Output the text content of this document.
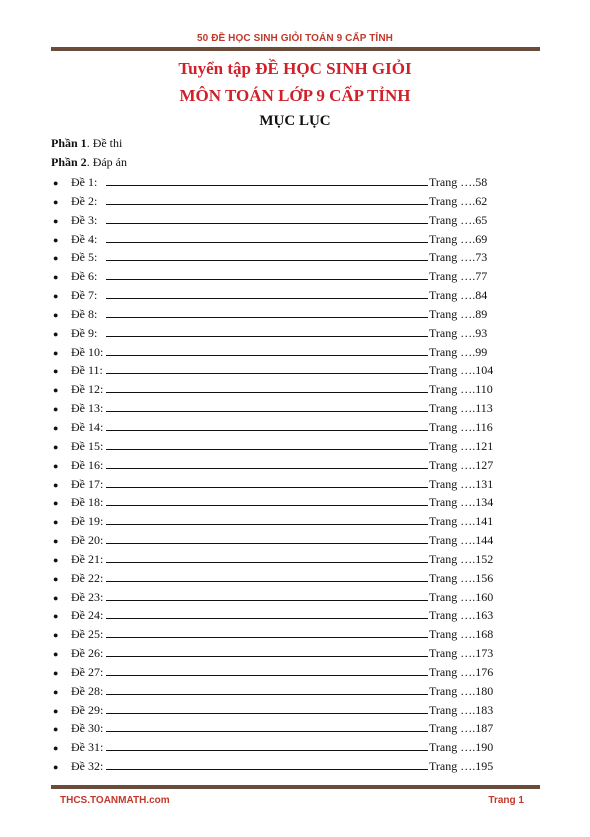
50 ĐỀ HỌC SINH GIỎI TOÁN 9 CẤP TỈNH
Tuyển tập ĐỀ HỌC SINH GIỎI
MÔN TOÁN LỚP 9 CẤP TỈNH
MỤC LỤC
Phần 1. Đề thi
Phần 2. Đáp án
●	Đề 1:	Trang ….58
●	Đề 2:	Trang ….62
●	Đề 3:	Trang ….65
●	Đề 4:	Trang ….69
●	Đề 5:	Trang ….73
●	Đề 6:	Trang ….77
●	Đề 7:	Trang ….84
●	Đề 8:	Trang ….89
●	Đề 9:	Trang ….93
●	Đề 10:	Trang ….99
●	Đề 11:	Trang ….104
●	Đề 12:	Trang ….110
●	Đề 13:	Trang ….113
●	Đề 14:	Trang ….116
●	Đề 15:	Trang ….121
●	Đề 16:	Trang ….127
●	Đề 17:	Trang ….131
●	Đề 18:	Trang ….134
●	Đề 19:	Trang ….141
●	Đề 20:	Trang ….144
●	Đề 21:	Trang ….152
●	Đề 22:	Trang ….156
●	Đề 23:	Trang ….160
●	Đề 24:	Trang ….163
●	Đề 25:	Trang ….168
●	Đề 26:	Trang ….173
●	Đề 27:	Trang ….176
●	Đề 28:	Trang ….180
●	Đề 29:	Trang ….183
●	Đề 30:	Trang ….187
●	Đề 31:	Trang ….190
●	Đề 32:	Trang ….195
THCS.TOANMATH.com	Trang 1
